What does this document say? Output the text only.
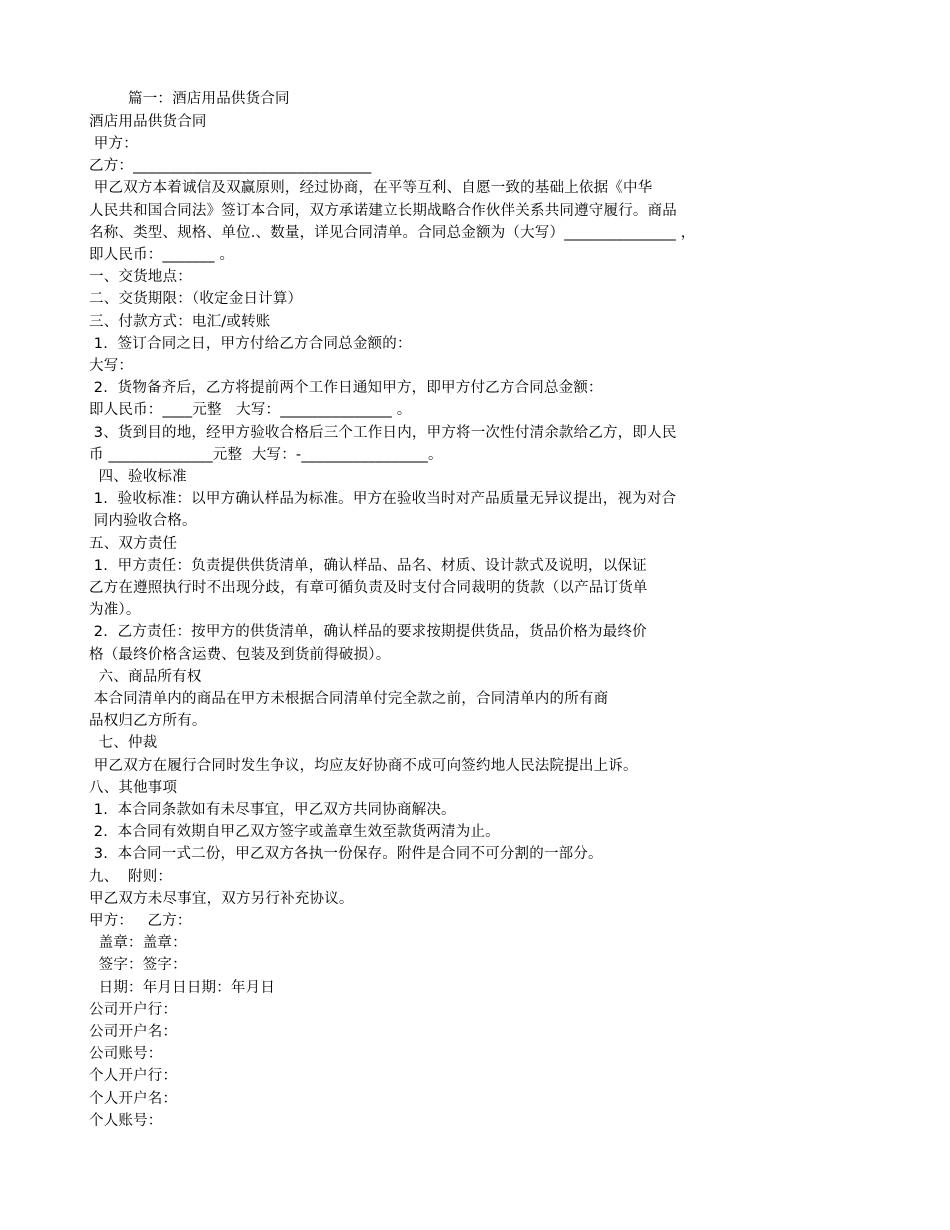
篇一：酒店用品供货合同
酒店用品供货合同
甲方：
乙方：________________________________
甲乙双方本着诚信及双赢原则，经过协商，在平等互利、自愿一致的基础上依据《中华
人民共和国合同法》签订本合同，双方承诺建立长期战略合作伙伴关系共同遵守履行。商品
名称、类型、规格、单位.、数量，详见合同清单。合同总金额为（大写）_______________ ，
即人民币：_______ 。
一、交货地点：
二、交货期限：（收定金日计算）
三、付款方式：电汇/或转账
1.  签订合同之日，甲方付给乙方合同总金额的：
大写：
2.  货物备齐后，乙方将提前两个工作日通知甲方，即甲方付乙方合同总金额：
即人民币：____元整   大写：_______________ 。
3、货到目的地，经甲方验收合格后三个工作日内，甲方将一次性付清余款给乙方，即人民
币 ______________元整  大写：-_________________。
四、验收标准
1.  验收标准：以甲方确认样品为标准。甲方在验收当时对产品质量无异议提出，视为对合
同内验收合格。
五、双方责任
1.  甲方责任：负责提供供货清单，确认样品、品名、材质、设计款式及说明，以保证
乙方在遵照执行时不出现分歧，有章可循负责及时支付合同裁明的货款（以产品订货单
为准）。
2.  乙方责任：按甲方的供货清单，确认样品的要求按期提供货品，货品价格为最终价
格（最终价格含运费、包装及到货前得破损）。
六、商品所有权
本合同清单内的商品在甲方未根据合同清单付完全款之前，合同清单内的所有商
品权归乙方所有。
七、仲裁
甲乙双方在履行合同时发生争议，均应友好协商不成可向签约地人民法院提出上诉。
八、其他事项
1.  本合同条款如有未尽事宜，甲乙双方共同协商解决。
2.  本合同有效期自甲乙双方签字或盖章生效至款货两清为止。
3.  本合同一式二份，甲乙双方各执一份保存。附件是合同不可分割的一部分。
九、  附则：
甲乙双方未尽事宜，双方另行补充协议。
甲方：   乙方：
盖章：盖章：
签字：签字：
日期：年月日日期：年月日
公司开户行：
公司开户名：
公司账号：
个人开户行：
个人开户名：
个人账号：
